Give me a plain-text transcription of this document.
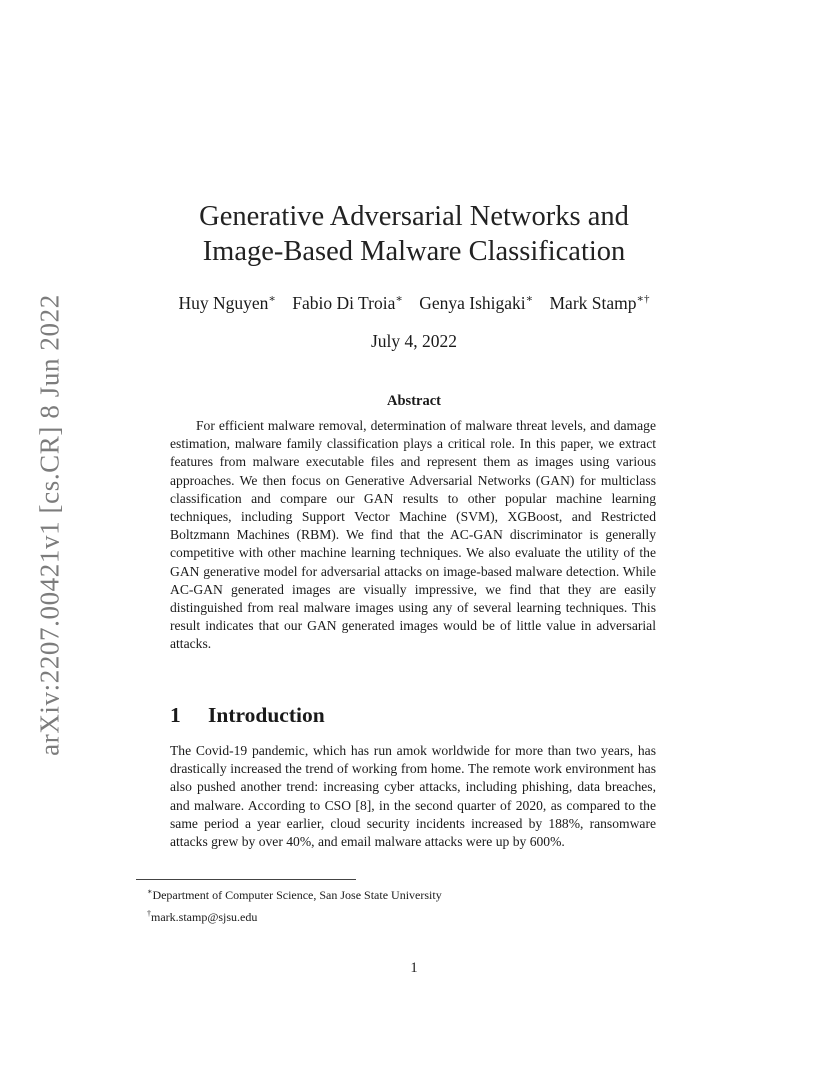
arXiv:2207.00421v1 [cs.CR] 8 Jun 2022
Generative Adversarial Networks and
Image-Based Malware Classification
Huy Nguyen∗ Fabio Di Troia∗ Genya Ishigaki∗ Mark Stamp∗†
July 4, 2022
Abstract
For efficient malware removal, determination of malware threat levels, and damage estimation, malware family classification plays a critical role. In this paper, we extract features from malware executable files and represent them as images using various approaches. We then focus on Generative Adversarial Networks (GAN) for multiclass classification and compare our GAN results to other popular machine learning techniques, including Support Vector Machine (SVM), XGBoost, and Restricted Boltzmann Machines (RBM). We find that the AC-GAN discriminator is generally competitive with other machine learning techniques. We also evaluate the utility of the GAN generative model for adversarial attacks on image-based malware detection. While AC-GAN generated images are visually impressive, we find that they are easily distinguished from real malware images using any of several learning techniques. This result indicates that our GAN generated images would be of little value in adversarial attacks.
1 Introduction
The Covid-19 pandemic, which has run amok worldwide for more than two years, has drastically increased the trend of working from home. The remote work environment has also pushed another trend: increasing cyber attacks, including phishing, data breaches, and malware. According to CSO [8], in the second quarter of 2020, as compared to the same period a year earlier, cloud security incidents increased by 188%, ransomware attacks grew by over 40%, and email malware attacks were up by 600%.
∗Department of Computer Science, San Jose State University
†mark.stamp@sjsu.edu
1
